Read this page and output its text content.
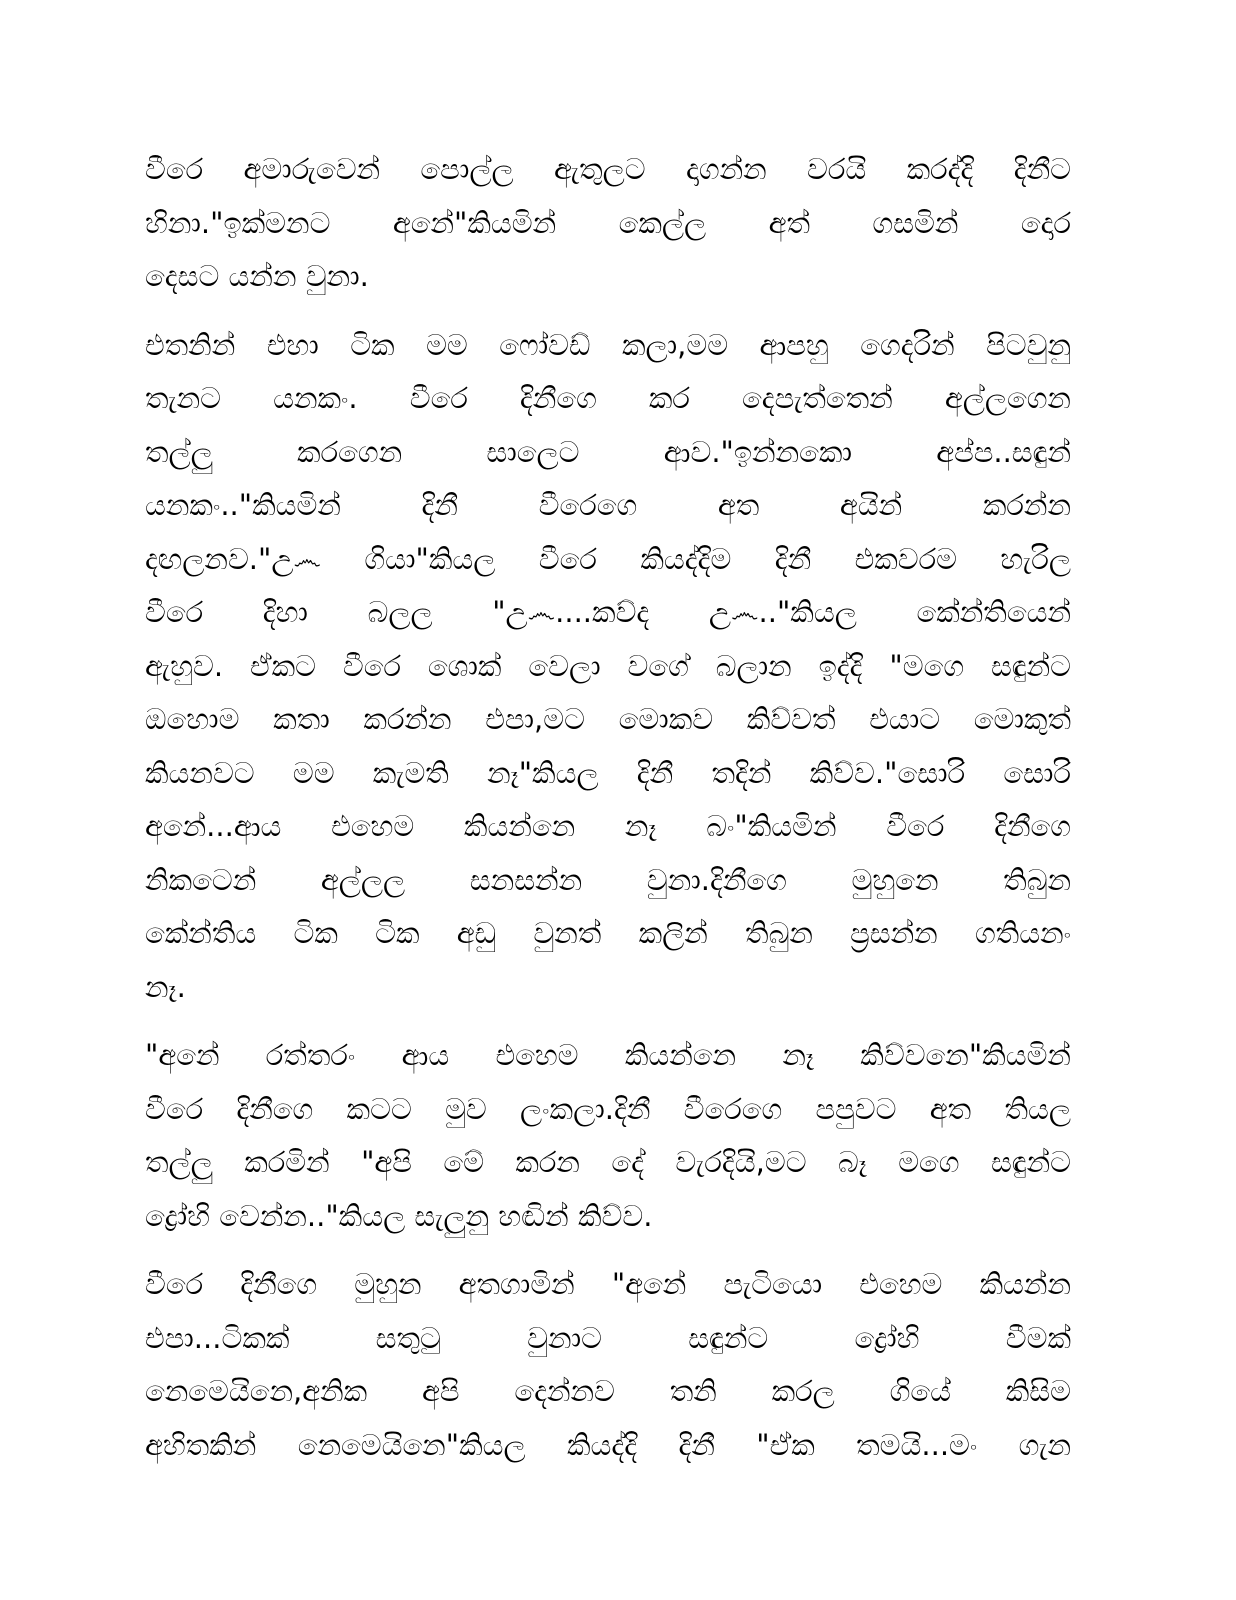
වීරෙ අමාරුවෙන් පොල්ල ඇතුලට දාගන්න වරයි කරද්දි දිනීට
හිනා."ඉක්මනට අනේ"කියමින් කෙල්ල අත් ගසමින් දොර
දෙසට යන්න වුනා.

එතනින් එහා ටික මම ෆෝවඩ් කලා,මම ආපහු ගෙදරින් පිටවුනු
තැනට යනකං. වීරෙ දිනීගෙ කර දෙපැත්තෙන් අල්ලගෙන
තල්ලු කරගෙන සාලෙට ආව."ඉන්නකො අප්ප..සඳුන්
යනකං.."කියමින් දිනී වීරෙගෙ අත අයින් කරන්න
දඟලනව."උ෴ ගියා"කියල වීරෙ කියද්දිම දිනී එකවරම හැරිල
වීරෙ දිහා බලල "උ෴....කව්ද උ෴.."කියල කේන්තියෙන්
ඇහුව. ඒකට වීරෙ ශොක් වෙලා වගේ බලාන ඉද්දි "මගෙ සඳුන්ට
ඔහොම කතා කරන්න එපා,මට මොකව කිව්වත් එයාට මොකුත්
කියනවට මම කැමති නෑ"කියල දිනී තදින් කිව්ව."සොරි සොරි
අනේ...ආය එහෙම කියන්නෙ නෑ බං"කියමින් වීරෙ දිනීගෙ
නිකටෙන් අල්ලල සනසන්න වුනා.දිනීගෙ මුහුනෙ තිබුන
කේන්තිය ටික ටික අඩු වුනත් කලින් තිබුන ප්‍රසන්න ගතියනං
නෑ.

"අනේ රත්තරං ආය එහෙම කියන්නෙ නෑ කිව්වනෙ"කියමින්
වීරෙ දිනීගෙ කටට මුව ලංකලා.දිනී වීරෙගෙ පපුවට අත තියල
තල්ලු කරමින් "අපි මේ කරන දේ වැරදියි,මට බෑ මගෙ සඳුන්ට
ද්‍රෝහි වෙන්න.."කියල සැලුනු හඬින් කිව්ව.

වීරෙ දිනීගෙ මුහුන අතගාමින් "අනේ පැටියො එහෙම කියන්න
එපා...ටිකක් සතුටු වුනාට සඳුන්ට ද්‍රෝහි වීමක්
නෙමෙයිනෙ,අනික අපි දෙන්නව තනි කරල ගියේ කිසිම
අහිතකින් නෙමෙයිනෙ"කියල කියද්දි දිනී "ඒක තමයි...මං ගැන
